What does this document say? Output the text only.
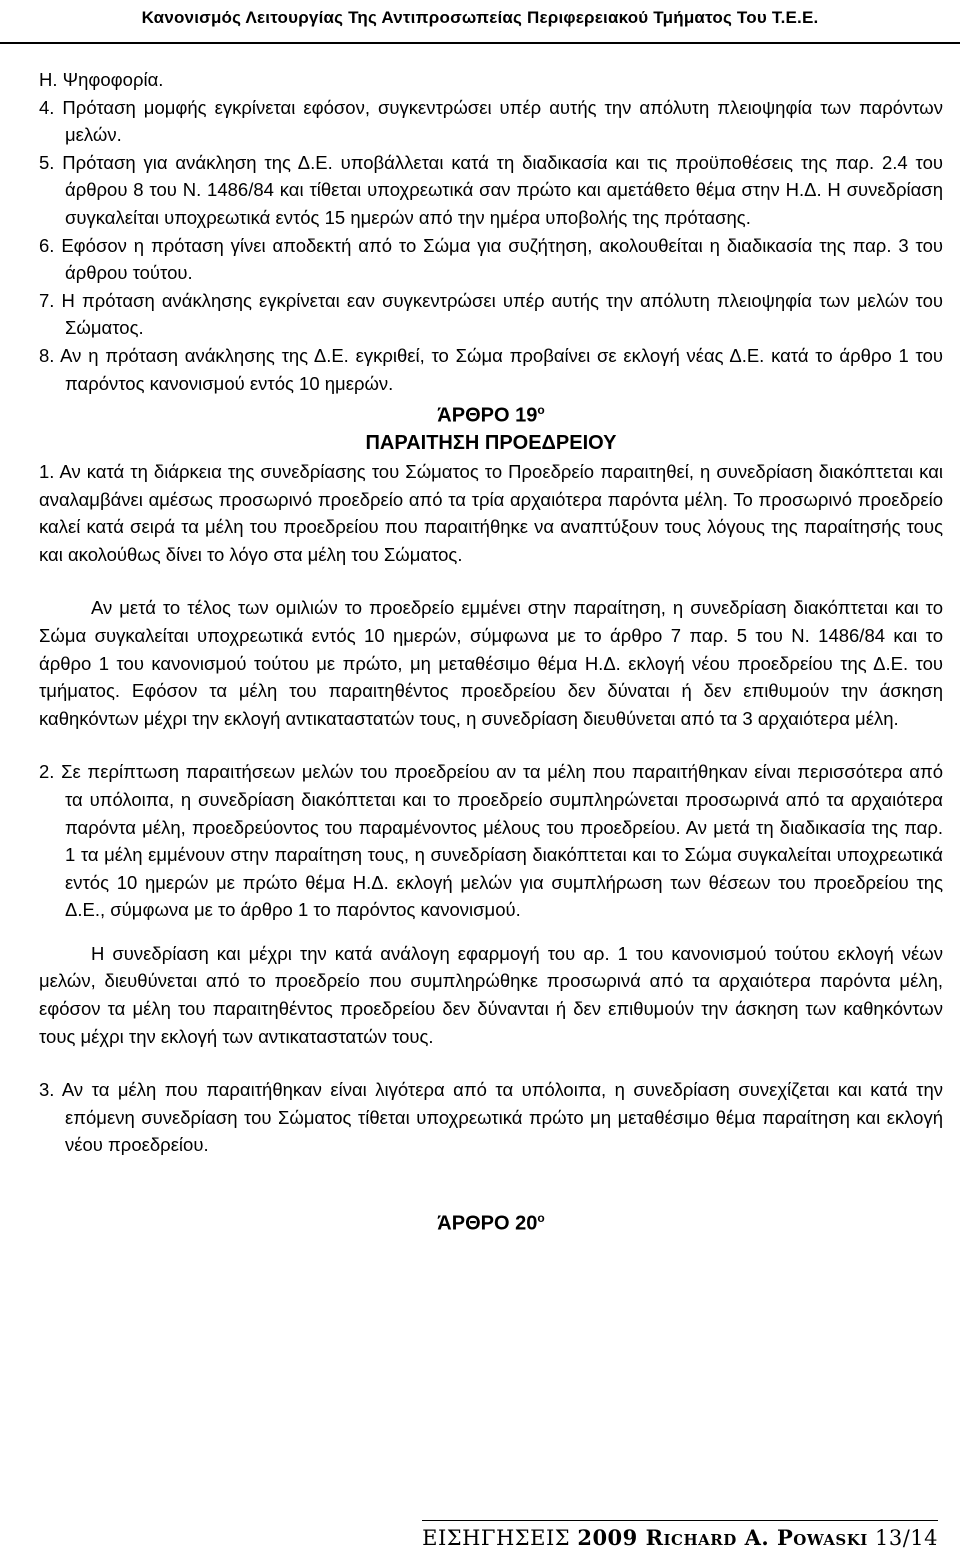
Κανονισμός Λειτουργίας Της Αντιπροσωπείας Περιφερειακού Τμήματος Του Τ.Ε.Ε.

Η. Ψηφοφορία.

4. Πρόταση μομφής εγκρίνεται εφόσον, συγκεντρώσει υπέρ αυτής την απόλυτη πλειοψηφία των παρόντων μελών.

5. Πρόταση για ανάκληση της Δ.Ε. υποβάλλεται κατά τη διαδικασία και τις προϋποθέσεις της παρ. 2.4 του άρθρου 8 του Ν. 1486/84 και τίθεται υποχρεωτικά σαν πρώτο και αμετάθετο θέμα στην Η.Δ. Η συνεδρίαση συγκαλείται υποχρεωτικά εντός 15 ημερών από την ημέρα υποβολής της πρότασης.

6. Εφόσον η πρόταση γίνει αποδεκτή από το Σώμα για συζήτηση, ακολουθείται η διαδικασία της παρ. 3 του άρθρου τούτου.

7. Η πρόταση ανάκλησης εγκρίνεται εαν συγκεντρώσει υπέρ αυτής την απόλυτη πλειοψηφία των μελών του Σώματος.

8. Αν η πρόταση ανάκλησης της Δ.Ε. εγκριθεί, το Σώμα προβαίνει σε εκλογή νέας Δ.Ε. κατά το άρθρο 1 του παρόντος κανονισμού εντός 10 ημερών.

ΆΡΘΡΟ $19^o$

ΠΑΡΑΙΤΗΣΗ ΠΡΟΕΔΡΕΙΟΥ

1. Αν κατά τη διάρκεια της συνεδρίασης του Σώματος το Προεδρείο παραιτηθεί, η συνεδρίαση διακόπτεται και αναλαμβάνει αμέσως προσωρινό προεδρείο από τα τρία αρχαιότερα παρόντα μέλη. Το προσωρινό προεδρείο καλεί κατά σειρά τα μέλη του προεδρείου που παραιτήθηκε να αναπτύξουν τους λόγους της παραίτησής τους και ακολούθως δίνει το λόγο στα μέλη του Σώματος.

Αν μετά το τέλος των ομιλιών το προεδρείο εμμένει στην παραίτηση, η συνεδρίαση διακόπτεται και το Σώμα συγκαλείται υποχρεωτικά εντός 10 ημερών, σύμφωνα με το άρθρο 7 παρ. 5 του Ν. 1486/84 και το άρθρο 1 του κανονισμού τούτου με πρώτο, μη μεταθέσιμο θέμα Η.Δ. εκλογή νέου προεδρείου της Δ.Ε. του τμήματος. Εφόσον τα μέλη του παραιτηθέντος προεδρείου δεν δύναται ή δεν επιθυμούν την άσκηση καθηκόντων μέχρι την εκλογή αντικαταστατών τους, η συνεδρίαση διευθύνεται από τα 3 αρχαιότερα μέλη.

2. Σε περίπτωση παραιτήσεων μελών του προεδρείου αν τα μέλη που παραιτήθηκαν είναι περισσότερα από τα υπόλοιπα, η συνεδρίαση διακόπτεται και το προεδρείο συμπληρώνεται προσωρινά από τα αρχαιότερα παρόντα μέλη, προεδρεύοντος του παραμένοντος μέλους του προεδρείου. Αν μετά τη διαδικασία της παρ. 1 τα μέλη εμμένουν στην παραίτηση τους, η συνεδρίαση διακόπτεται και το Σώμα συγκαλείται υποχρεωτικά εντός 10 ημερών με πρώτο θέμα Η.Δ. εκλογή μελών για συμπλήρωση των θέσεων του προεδρείου της Δ.Ε., σύμφωνα με το άρθρο 1 το παρόντος κανονισμού.

Η συνεδρίαση και μέχρι την κατά ανάλογη εφαρμογή του αρ. 1 του κανονισμού τούτου εκλογή νέων μελών, διευθύνεται από το προεδρείο που συμπληρώθηκε προσωρινά από τα αρχαιότερα παρόντα μέλη, εφόσον τα μέλη του παραιτηθέντος προεδρείου δεν δύνανται ή δεν επιθυμούν την άσκηση των καθηκόντων τους μέχρι την εκλογή των αντικαταστατών τους.

3. Αν τα μέλη που παραιτήθηκαν είναι λιγότερα από τα υπόλοιπα, η συνεδρίαση συνεχίζεται και κατά την επόμενη συνεδρίαση του Σώματος τίθεται υποχρεωτικά πρώτο μη μεταθέσιμο θέμα παραίτηση και εκλογή νέου προεδρείου.

ΆΡΘΡΟ $20^o$

ΕΙΣΗΓΗΣΕΙΣ 2009 Richard A. Powaski 13/14
